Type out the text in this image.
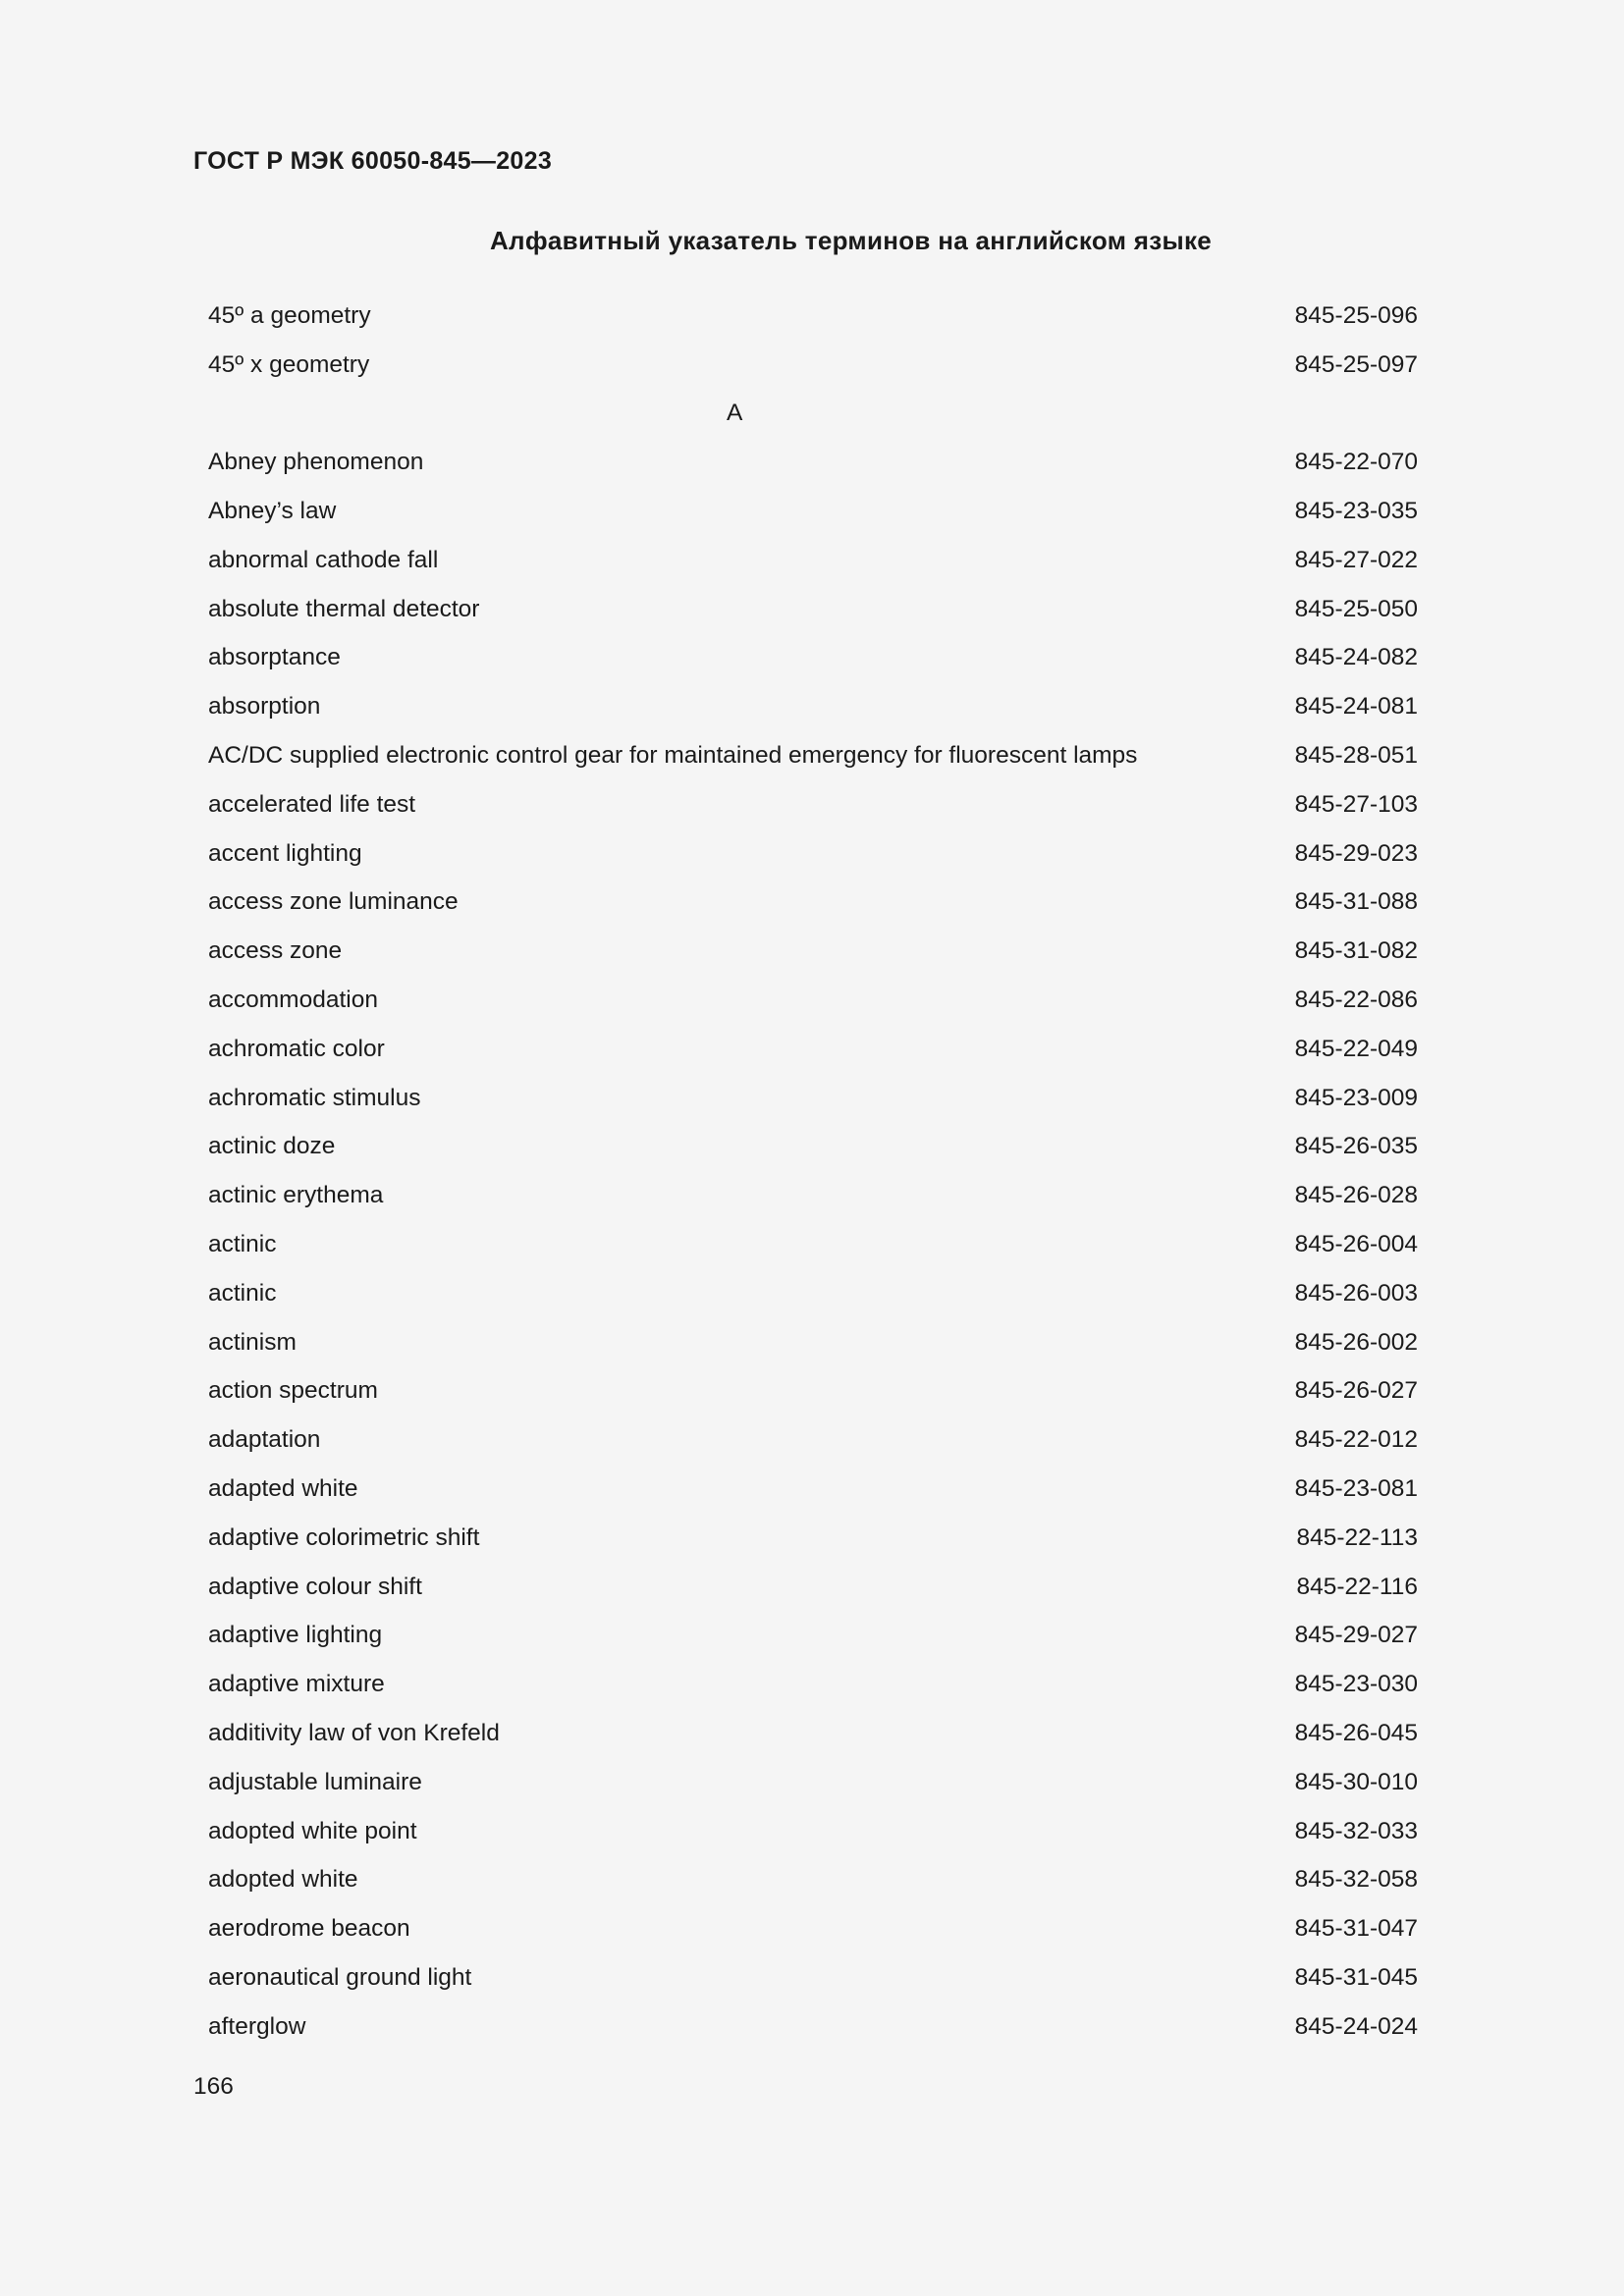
ГОСТ Р МЭК 60050-845—2023
Алфавитный указатель терминов на английском языке
45º a geometry	845-25-096
45º x geometry	845-25-097
A
Abney phenomenon	845-22-070
Abney’s law	845-23-035
abnormal cathode fall	845-27-022
absolute thermal detector	845-25-050
absorptance	845-24-082
absorption	845-24-081
AC/DC supplied electronic control gear for maintained emergency for fluorescent lamps	845-28-051
accelerated life test	845-27-103
accent lighting	845-29-023
access zone luminance	845-31-088
access zone	845-31-082
accommodation	845-22-086
achromatic color	845-22-049
achromatic stimulus	845-23-009
actinic doze	845-26-035
actinic erythema	845-26-028
actinic	845-26-004
actinic	845-26-003
actinism	845-26-002
action spectrum	845-26-027
adaptation	845-22-012
adapted white	845-23-081
adaptive colorimetric shift	845-22-113
adaptive colour shift	845-22-116
adaptive lighting	845-29-027
adaptive mixture	845-23-030
additivity law of von Krefeld	845-26-045
adjustable luminaire	845-30-010
adopted white point	845-32-033
adopted white	845-32-058
aerodrome beacon	845-31-047
aeronautical ground light	845-31-045
afterglow	845-24-024
166
